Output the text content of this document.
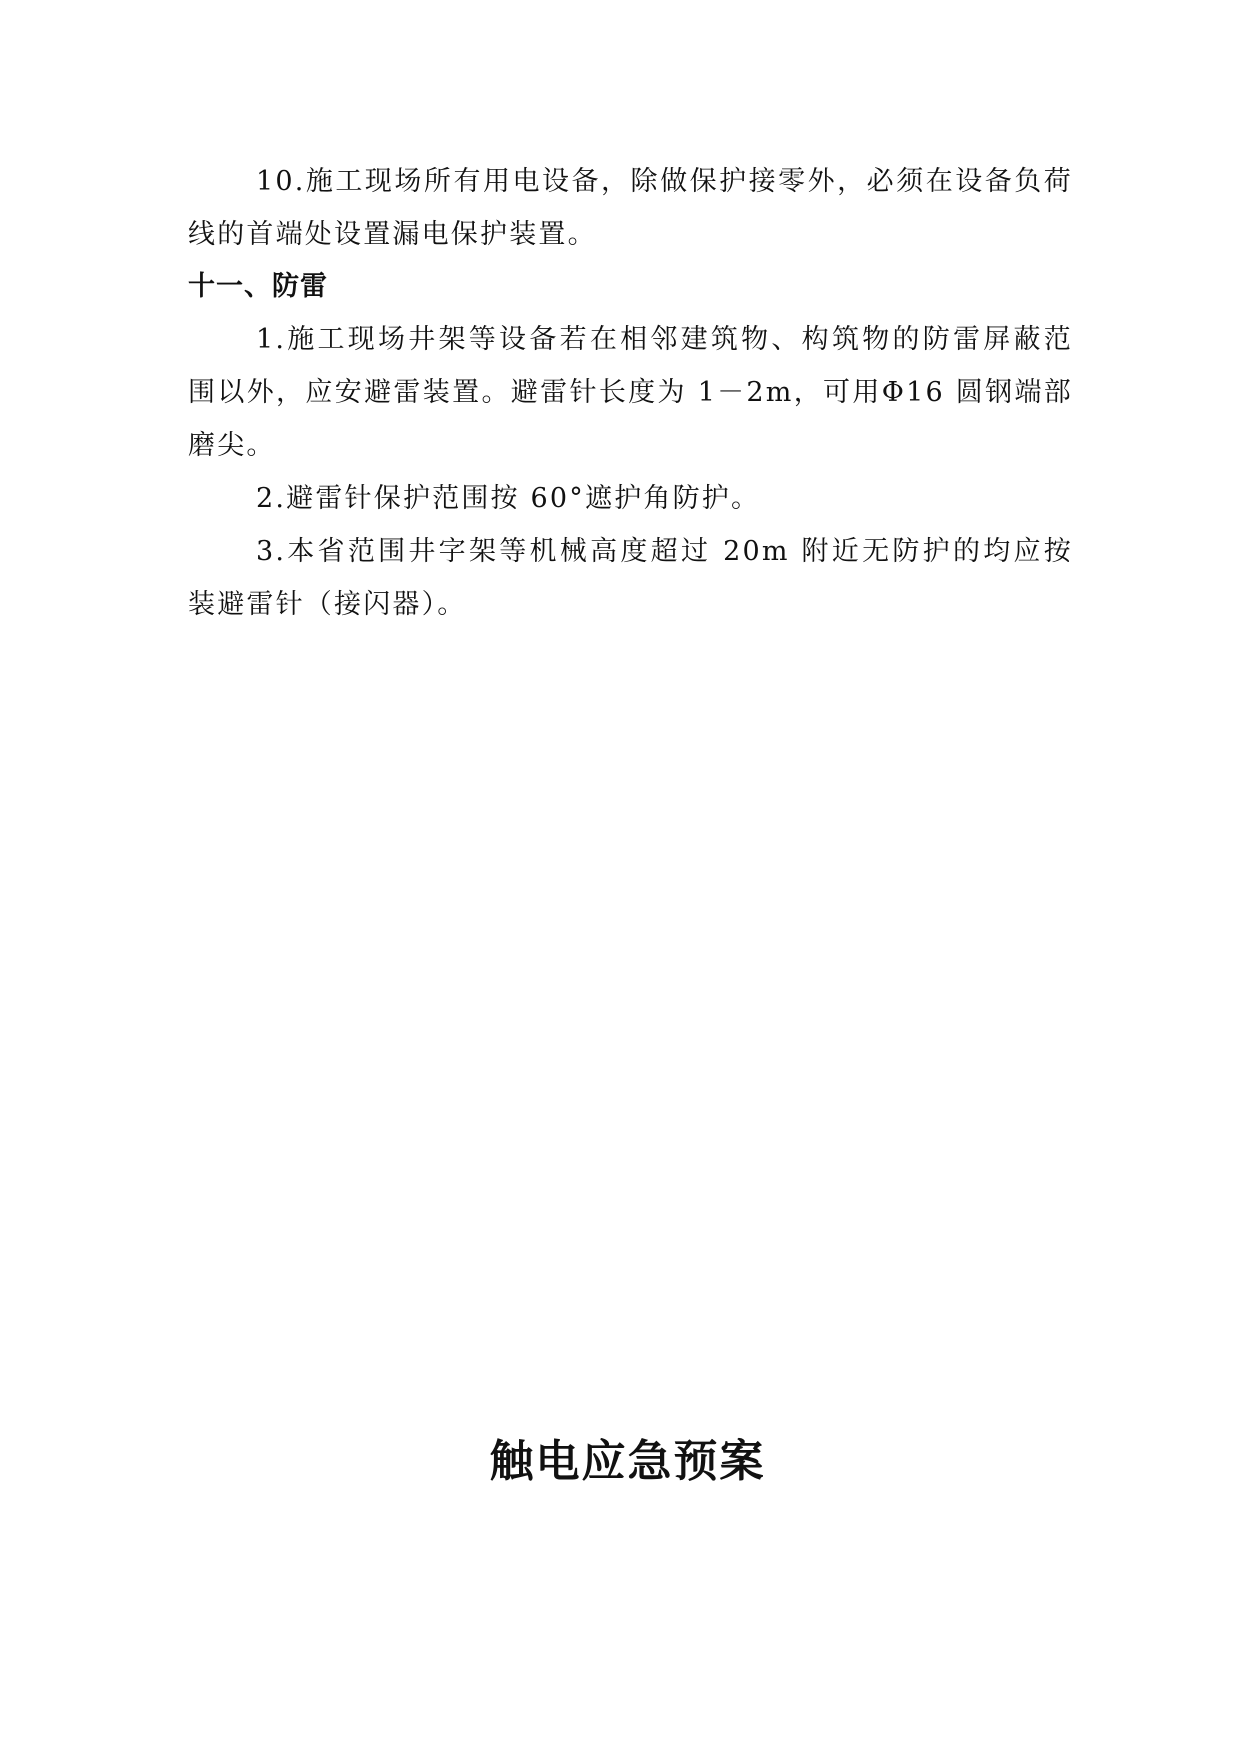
10.施工现场所有用电设备，除做保护接零外，必须在设备负荷线的首端处设置漏电保护装置。

十一、防雷

1.施工现场井架等设备若在相邻建筑物、构筑物的防雷屏蔽范围以外，应安避雷装置。避雷针长度为 1－2m，可用Φ16 圆钢端部磨尖。

2.避雷针保护范围按 60°遮护角防护。

3.本省范围井字架等机械高度超过 20m 附近无防护的均应按装避雷针（接闪器）。

触电应急预案
